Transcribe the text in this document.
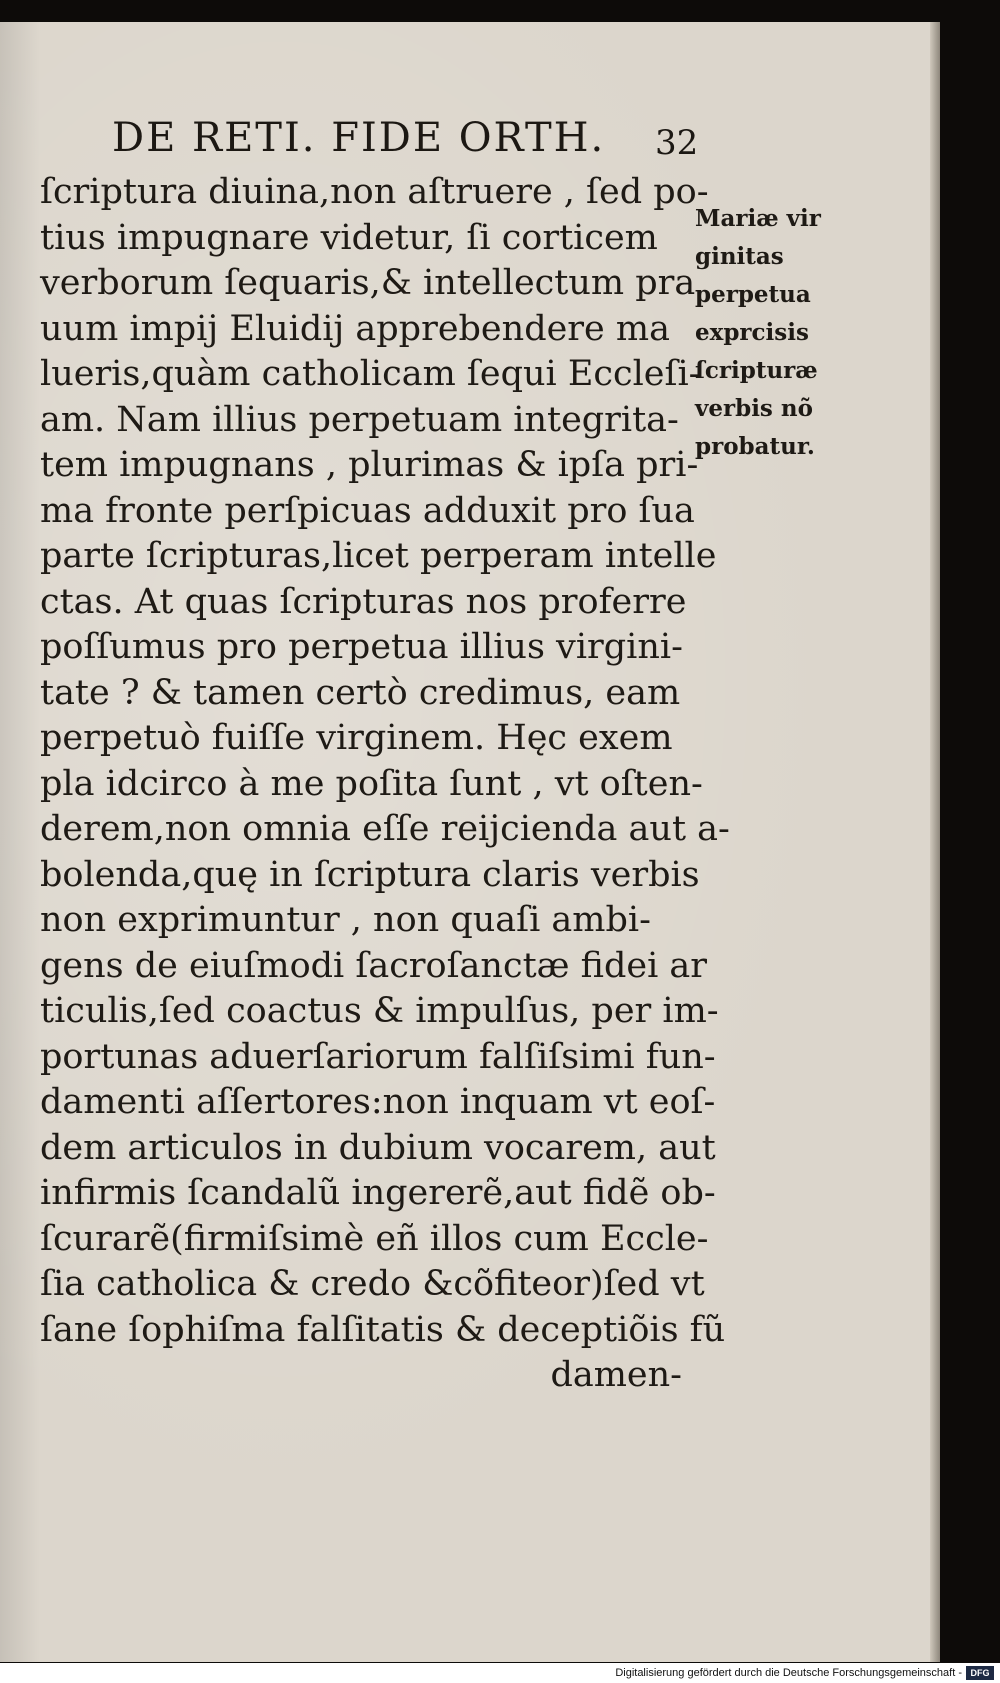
DE RETI. FIDE ORTH.	32
ſcriptura diuina,non aſtruere , ſed po-
tius impugnare videtur, ſi corticem
verborum ſequaris,& intellectum pra
uum impij Eluidij apprebendere ma
lueris,quàm catholicam ſequi Eccleſi-
am. Nam illius perpetuam integrita-
tem impugnans , plurimas & ipſa pri-
ma fronte perſpicuas adduxit pro ſua
parte ſcripturas,licet perperam intelle
ctas. At quas ſcripturas nos proferre
poſſumus pro perpetua illius virgini-
tate ? & tamen certò credimus, eam
perpetuò fuiſſe virginem. Hęc exem
pla idcirco à me poſita ſunt , vt oſten-
derem,non omnia eſſe reijcienda aut a-
bolenda,quę in ſcriptura claris verbis
non exprimuntur , non quaſi ambi-
gens de eiuſmodi ſacroſanctæ fidei ar
ticulis,ſed coactus & impulſus, per im-
portunas aduerſariorum falſiſsimi fun-
damenti aſſertores:non inquam vt eoſ-
dem articulos in dubium vocarem, aut
infirmis ſcandalũ ingererẽ,aut fidẽ ob-
ſcurarẽ(firmiſsimè eñ illos cum Eccle-
ſia catholica & credo &cõfiteor)ſed vt
ſane ſophiſma falſitatis & deceptiõis fũ
damen-
Mariæ vir
ginitas
perpetua
exprcisis
ſcripturæ
verbis nõ
probatur.
Digitalisierung gefördert durch die Deutsche Forschungsgemeinschaft - DFG
